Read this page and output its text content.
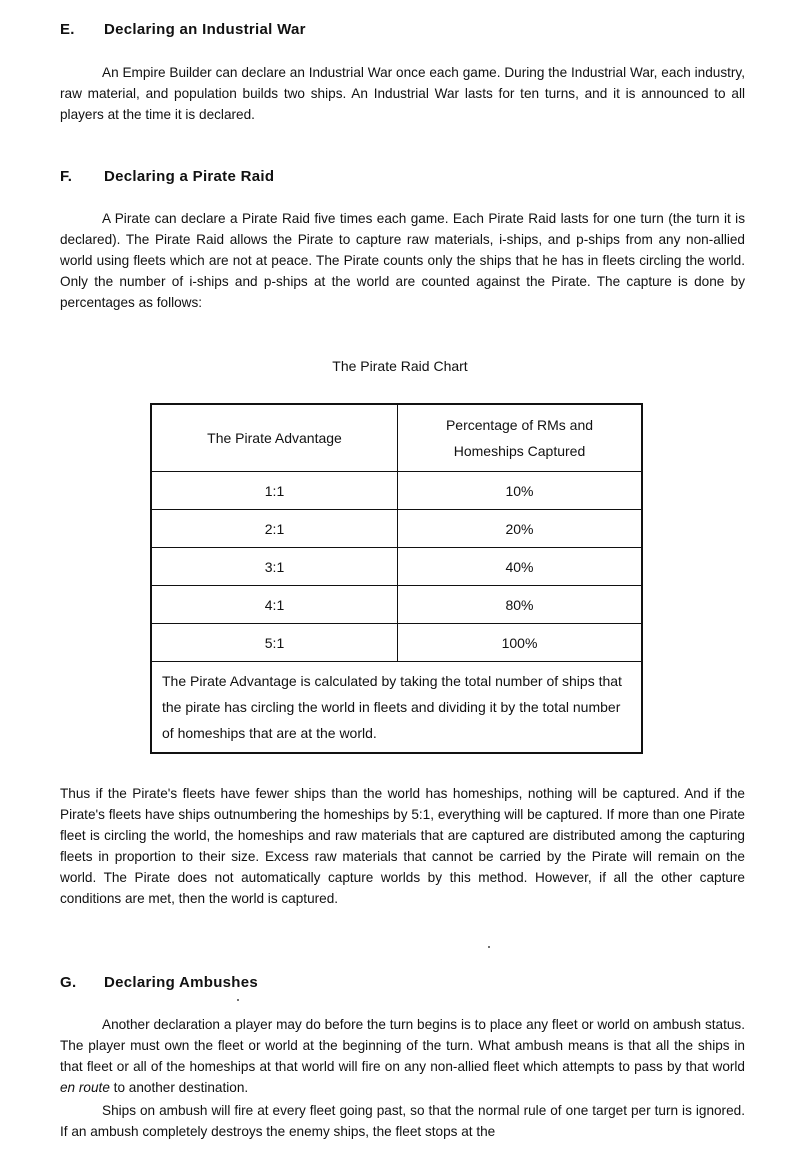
E. Declaring an Industrial War

An Empire Builder can declare an Industrial War once each game. During the Industrial War, each industry, raw material, and population builds two ships. An Industrial War lasts for ten turns, and it is announced to all players at the time it is declared.

F. Declaring a Pirate Raid

A Pirate can declare a Pirate Raid five times each game. Each Pirate Raid lasts for one turn (the turn it is declared). The Pirate Raid allows the Pirate to capture raw materials, i-ships, and p-ships from any non-allied world using fleets which are not at peace. The Pirate counts only the ships that he has in fleets circling the world. Only the number of i-ships and p-ships at the world are counted against the Pirate. The capture is done by percentages as follows:

The Pirate Raid Chart
The Pirate Advantage	Percentage of RMs and
Homeships Captured
1:1	10%
2:1	20%
3:1	40%
4:1	80%
5:1	100%
The Pirate Advantage is calculated by taking the total number of ships that the pirate has circling the world in fleets and dividing it by the total number of homeships that are at the world.	

Thus if the Pirate's fleets have fewer ships than the world has homeships, nothing will be captured. And if the Pirate's fleets have ships outnumbering the homeships by 5:1, everything will be captured. If more than one Pirate fleet is circling the world, the homeships and raw materials that are captured are distributed among the capturing fleets in proportion to their size. Excess raw materials that cannot be carried by the Pirate will remain on the world. The Pirate does not automatically capture worlds by this method. However, if all the other capture conditions are met, then the world is captured.

G. Declaring Ambushes

Another declaration a player may do before the turn begins is to place any fleet or world on ambush status. The player must own the fleet or world at the beginning of the turn. What ambush means is that all the ships in that fleet or all of the homeships at that world will fire on any non-allied fleet which attempts to pass by that world en route to another destination.

Ships on ambush will fire at every fleet going past, so that the normal rule of one target per turn is ignored. If an ambush completely destroys the enemy ships, the fleet stops at the
